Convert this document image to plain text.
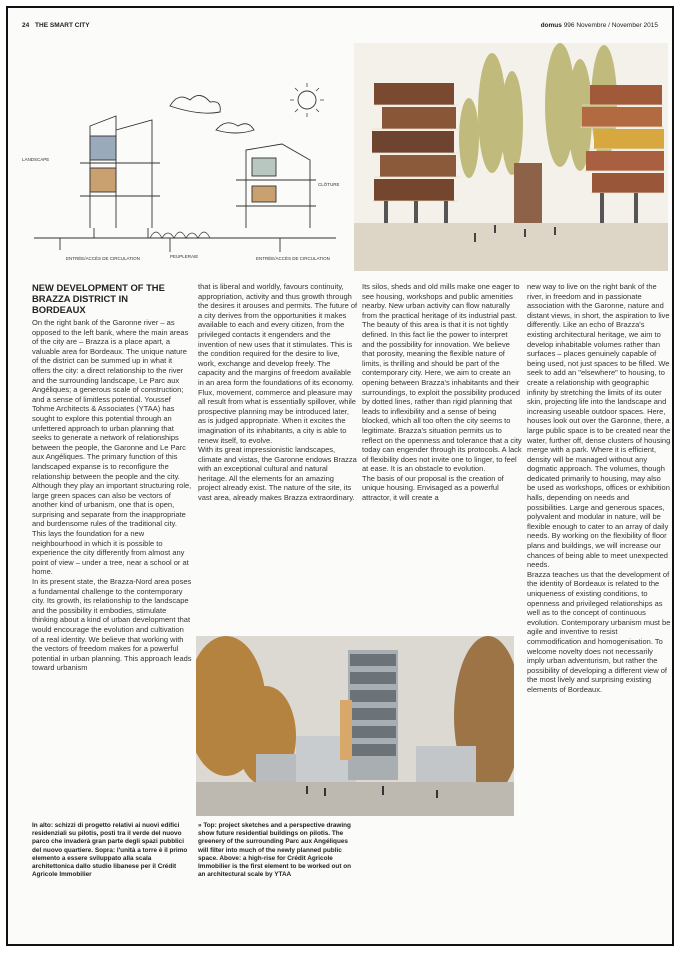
24 THE SMART CITY	domus 996 Novembre / November 2015
LANDSCAPE
ENTRÉE/ACCÈS DE CIRCULATION	PEUPLERAIE	ENTRÉE/ACCÈS DE CIRCULATION
CLÔTURE
NEW DEVELOPMENT OF THE BRAZZA DISTRICT IN BORDEAUX

On the right bank of the Garonne river – as opposed to the left bank, where the main areas of the city are – Brazza is a place apart, a valuable area for Bordeaux. The unique nature of the district can be summed up in what it offers the city: a direct relationship to the river and the surrounding landscape, Le Parc aux Angéliques; a generous scale of construction; and a sense of limitless potential. Youssef Tohme Architects & Associates (YTAA) has sought to explore this potential through an unfettered approach to urban planning that seeks to generate a network of relationships between the people, the Garonne and Le Parc aux Angéliques. The primary function of this landscaped expanse is to reconfigure the relationship between the people and the city. Although they play an important structuring role, large green spaces can also be vectors of another kind of urbanism, one that is open, surprising and separate from the inappropriate and burdensome rules of the traditional city. This lays the foundation for a new neighbourhood in which it is possible to experience the city differently from almost any point of view – under a tree, near a school or at home.

In its present state, the Brazza-Nord area poses a fundamental challenge to the contemporary city. Its growth, its relationship to the landscape and the possibility it embodies, stimulate thinking about a kind of urban development that would encourage the evolution and cultivation of a real identity. We believe that working with the vectors of freedom makes for a powerful potential in urban planning. This approach leads toward urbanism

that is liberal and worldly, favours continuity, appropriation, activity and thus growth through the desires it arouses and permits. The future of a city derives from the opportunities it makes available to each and every citizen, from the privileged contacts it engenders and the invention of new uses that it stimulates. This is the condition required for the desire to live, work, exchange and develop freely. The capacity and the margins of freedom available in an area form the foundations of its economy. Flux, movement, commerce and pleasure may all result from what is essentially spillover, while prospective planning may be introduced later, as is judged appropriate. When it excites the imagination of its inhabitants, a city is able to renew itself, to evolve.

With its great impressionistic landscapes, climate and vistas, the Garonne endows Brazza with an exceptional cultural and natural heritage. All the elements for an amazing project already exist. The nature of the site, its vast area, already makes Brazza extraordinary.

Its silos, sheds and old mills make one eager to see housing, workshops and public amenities nearby. New urban activity can flow naturally from the practical heritage of its industrial past. The beauty of this area is that it is not tightly defined. In this fact lie the power to interpret and the possibility for innovation. We believe that porosity, meaning the flexible nature of limits, is thrilling and should be part of the contemporary city. Here, we aim to create an opening between Brazza's inhabitants and their surroundings, to exploit the possibility produced by dotted lines, rather than rigid planning that leads to inflexibility and a sense of being blocked, which all too often the city seems to legitimate. Brazza's situation permits us to reflect on the openness and tolerance that a city today can engender through its protocols. A lack of flexibility does not invite one to linger, to feel at ease. It is an obstacle to evolution.

The basis of our proposal is the creation of unique housing. Envisaged as a powerful attractor, it will create a

new way to live on the right bank of the river, in freedom and in passionate association with the Garonne, nature and distant views, in short, the aspiration to live differently. Like an echo of Brazza's existing architectural heritage, we aim to develop inhabitable volumes rather than surfaces – places genuinely capable of being used, not just spaces to be filled. We seek to add an "elsewhere" to housing, to create a relationship with geographic infinity by stretching the limits of its outer skin, projecting life into the landscape and increasing useable outdoor spaces. Here, houses look out over the Garonne, there, a large public space is to be created near the water, further off, dense clusters of housing merge with a park. Where it is efficient, density will be managed without any dogmatic approach. The volumes, though dedicated primarily to housing, may also be used as workshops, offices or exhibition halls, depending on needs and possibilities. Large and generous spaces, polyvalent and modular in nature, will be flexible enough to cater to an array of daily needs. By working on the flexibility of floor plans and buildings, we will increase our chances of being able to meet unexpected needs.

Brazza teaches us that the development of the identity of Bordeaux is related to the uniqueness of existing conditions, to openness and privileged relationships as well as to the concept of continuous evolution. Contemporary urbanism must be agile and inventive to resist commodification and homogenisation. To welcome novelty does not necessarily imply urban adventurism, but rather the possibility of developing a different view of the most lively and surprising existing elements of Bordeaux.

In alto: schizzi di progetto relativi ai nuovi edifici residenziali su pilotis, posti tra il verde del nuovo parco che invaderà gran parte degli spazi pubblici del nuovo quartiere. Sopra: l'unità a torre è il primo elemento a essere sviluppato alla scala architettonica dallo studio libanese per il Crédit Agricole Immobilier

» Top: project sketches and a perspective drawing show future residential buildings on pilotis. The greenery of the surrounding Parc aux Angéliques will filter into much of the newly planned public space. Above: a high-rise for Crédit Agricole Immobilier is the first element to be worked out on an architectural scale by YTAA
